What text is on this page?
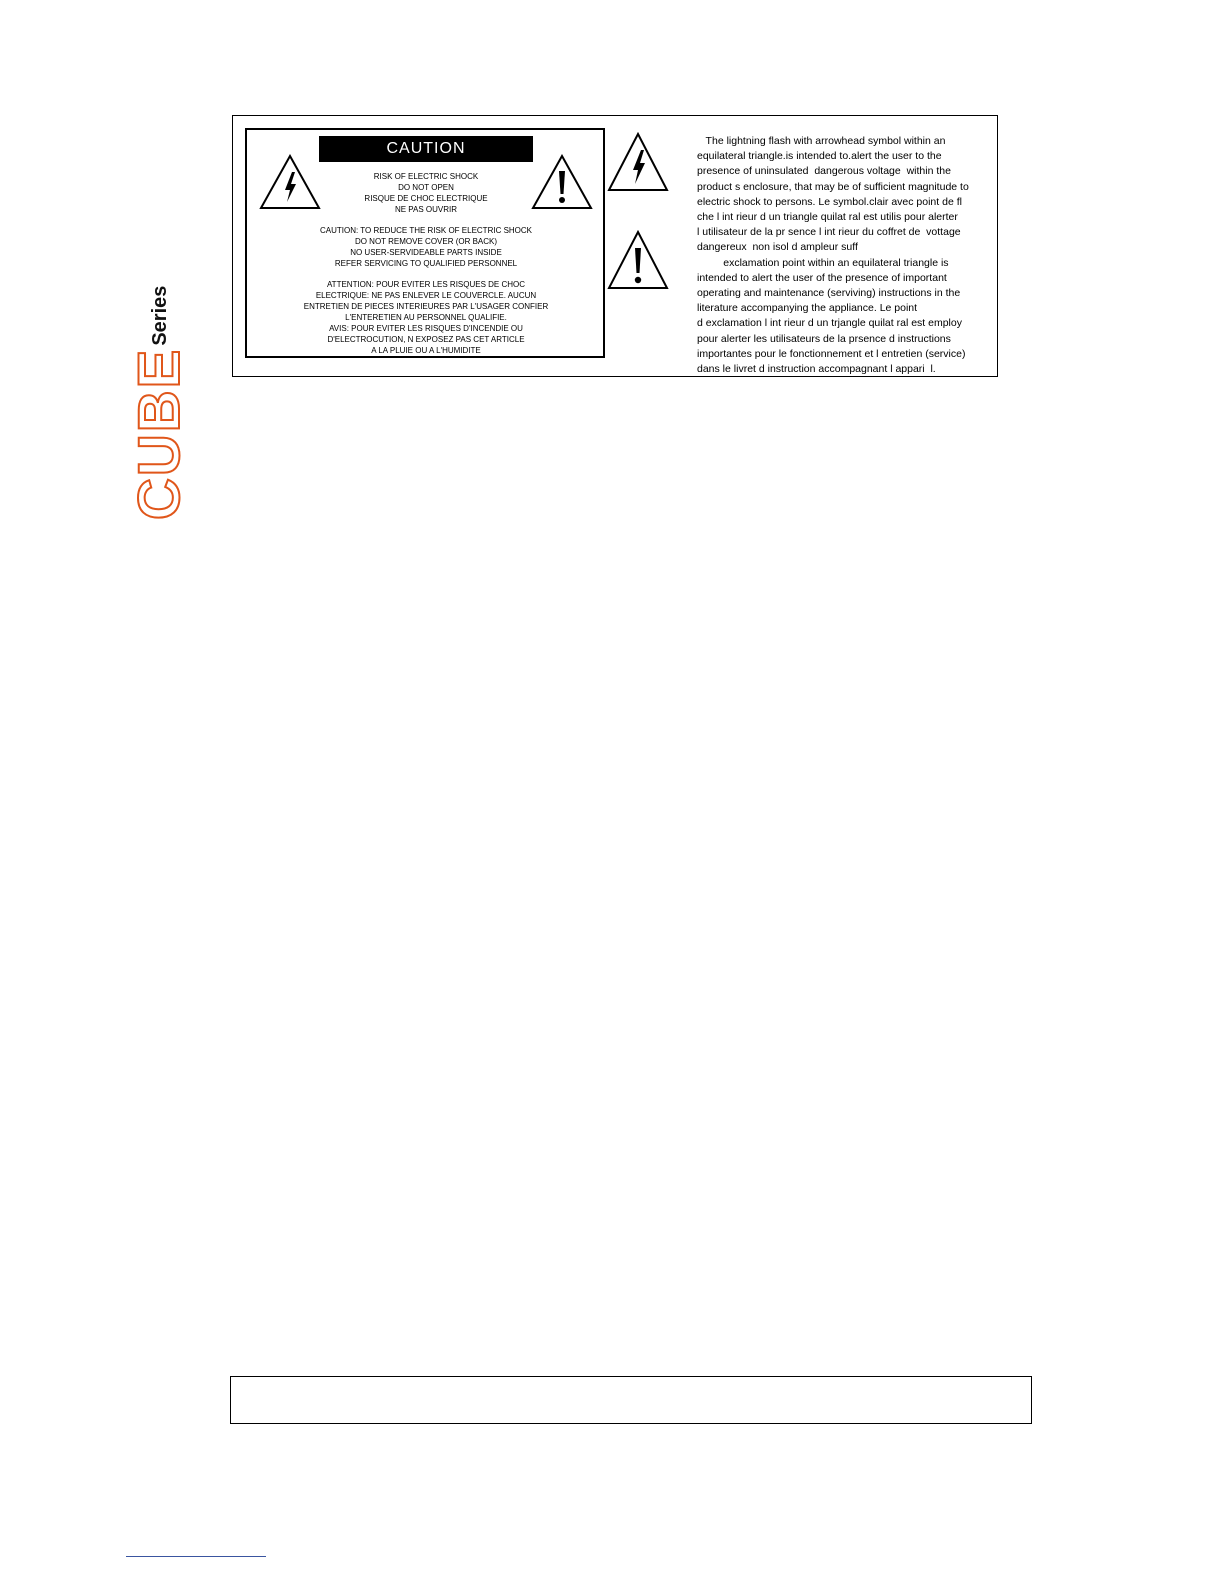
CUBESeries
CAUTION
RISK OF ELECTRIC SHOCK
DO NOT OPEN
RISQUE DE CHOC ELECTRIQUE
NE PAS OUVRIR
CAUTION: TO REDUCE THE RISK OF ELECTRIC SHOCK
DO NOT REMOVE COVER (OR BACK)
NO USER-SERVIDEABLE PARTS INSIDE
REFER SERVICING TO QUALIFIED PERSONNEL
ATTENTION: POUR EVITER LES RISQUES DE CHOC
ELECTRIQUE: NE PAS ENLEVER LE COUVERCLE. AUCUN
ENTRETIEN DE PIECES INTERIEURES PAR L'USAGER CONFIER
L'ENTERETIEN AU PERSONNEL QUALIFIE.
AVIS: POUR EVITER LES RISQUES D'INCENDIE OU
D'ELECTROCUTION, N EXPOSEZ PAS CET ARTICLE
A LA PLUIE OU A L'HUMIDITE
The lightning flash with arrowhead symbol within an
equilateral triangle.is intended to.alert the user to the
presence of uninsulated  dangerous voltage  within the
product s enclosure, that may be of sufficient magnitude to
electric shock to persons. Le symbol.clair avec point de fl
che l int rieur d un triangle quilat ral est utilis pour alerter
l utilisateur de la pr sence l int rieur du coffret de  vottage
dangereux  non isol d ampleur suff
exclamation point within an equilateral triangle is
intended to alert the user of the presence of important
operating and maintenance (serviving) instructions in the
literature accompanying the appliance. Le point
d exclamation l int rieur d un trjangle quilat ral est employ
pour alerter les utilisateurs de la prsence d instructions
importantes pour le fonctionnement et l entretien (service)
dans le livret d instruction accompagnant l appari  l.
